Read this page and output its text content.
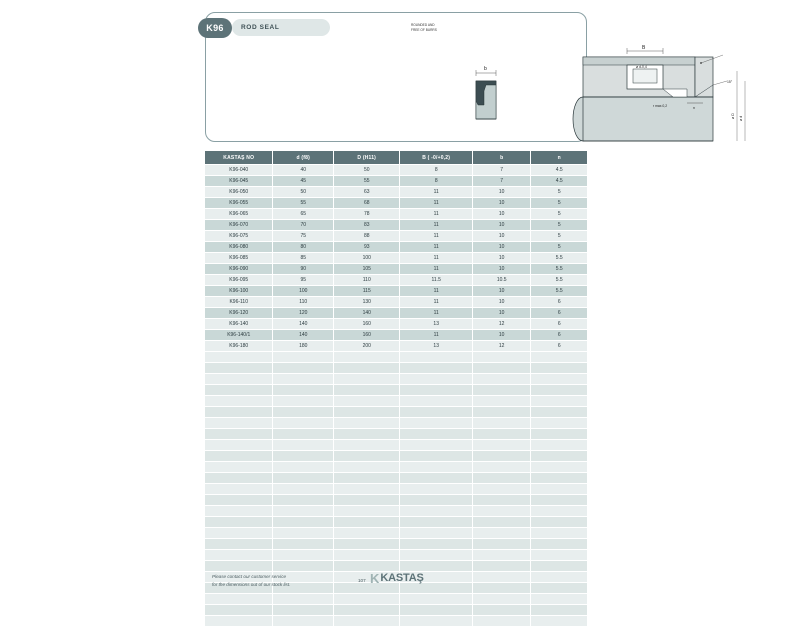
b
B
ø d-0,4
r max.0,2	n
15°
ø D ø d
ROUNDED AND
FREE OF BURRS
K96	ROD SEAL
KASTAŞ NO	d (f8)	D (H11)	B ( -0/+0,2)	b	n
K96-040	40	50	8	7	4.5
K96-045	45	55	8	7	4.5
K96-050	50	63	11	10	5
K96-055	55	68	11	10	5
K96-065	65	78	11	10	5
K96-070	70	83	11	10	5
K96-075	75	88	11	10	5
K96-080	80	93	11	10	5
K96-085	85	100	11	10	5.5
K96-090	90	105	11	10	5.5
K96-095	95	110	11.5	10.5	5.5
K96-100	100	115	11	10	5.5
K96-110	110	130	11	10	6
K96-120	120	140	11	10	6
K96-140	140	160	13	12	6
K96-140/1	140	160	11	10	6
K96-180	180	200	13	12	6
Please contact our customer service
for the dimensions out of our stock list.
107 K KASTAŞ
